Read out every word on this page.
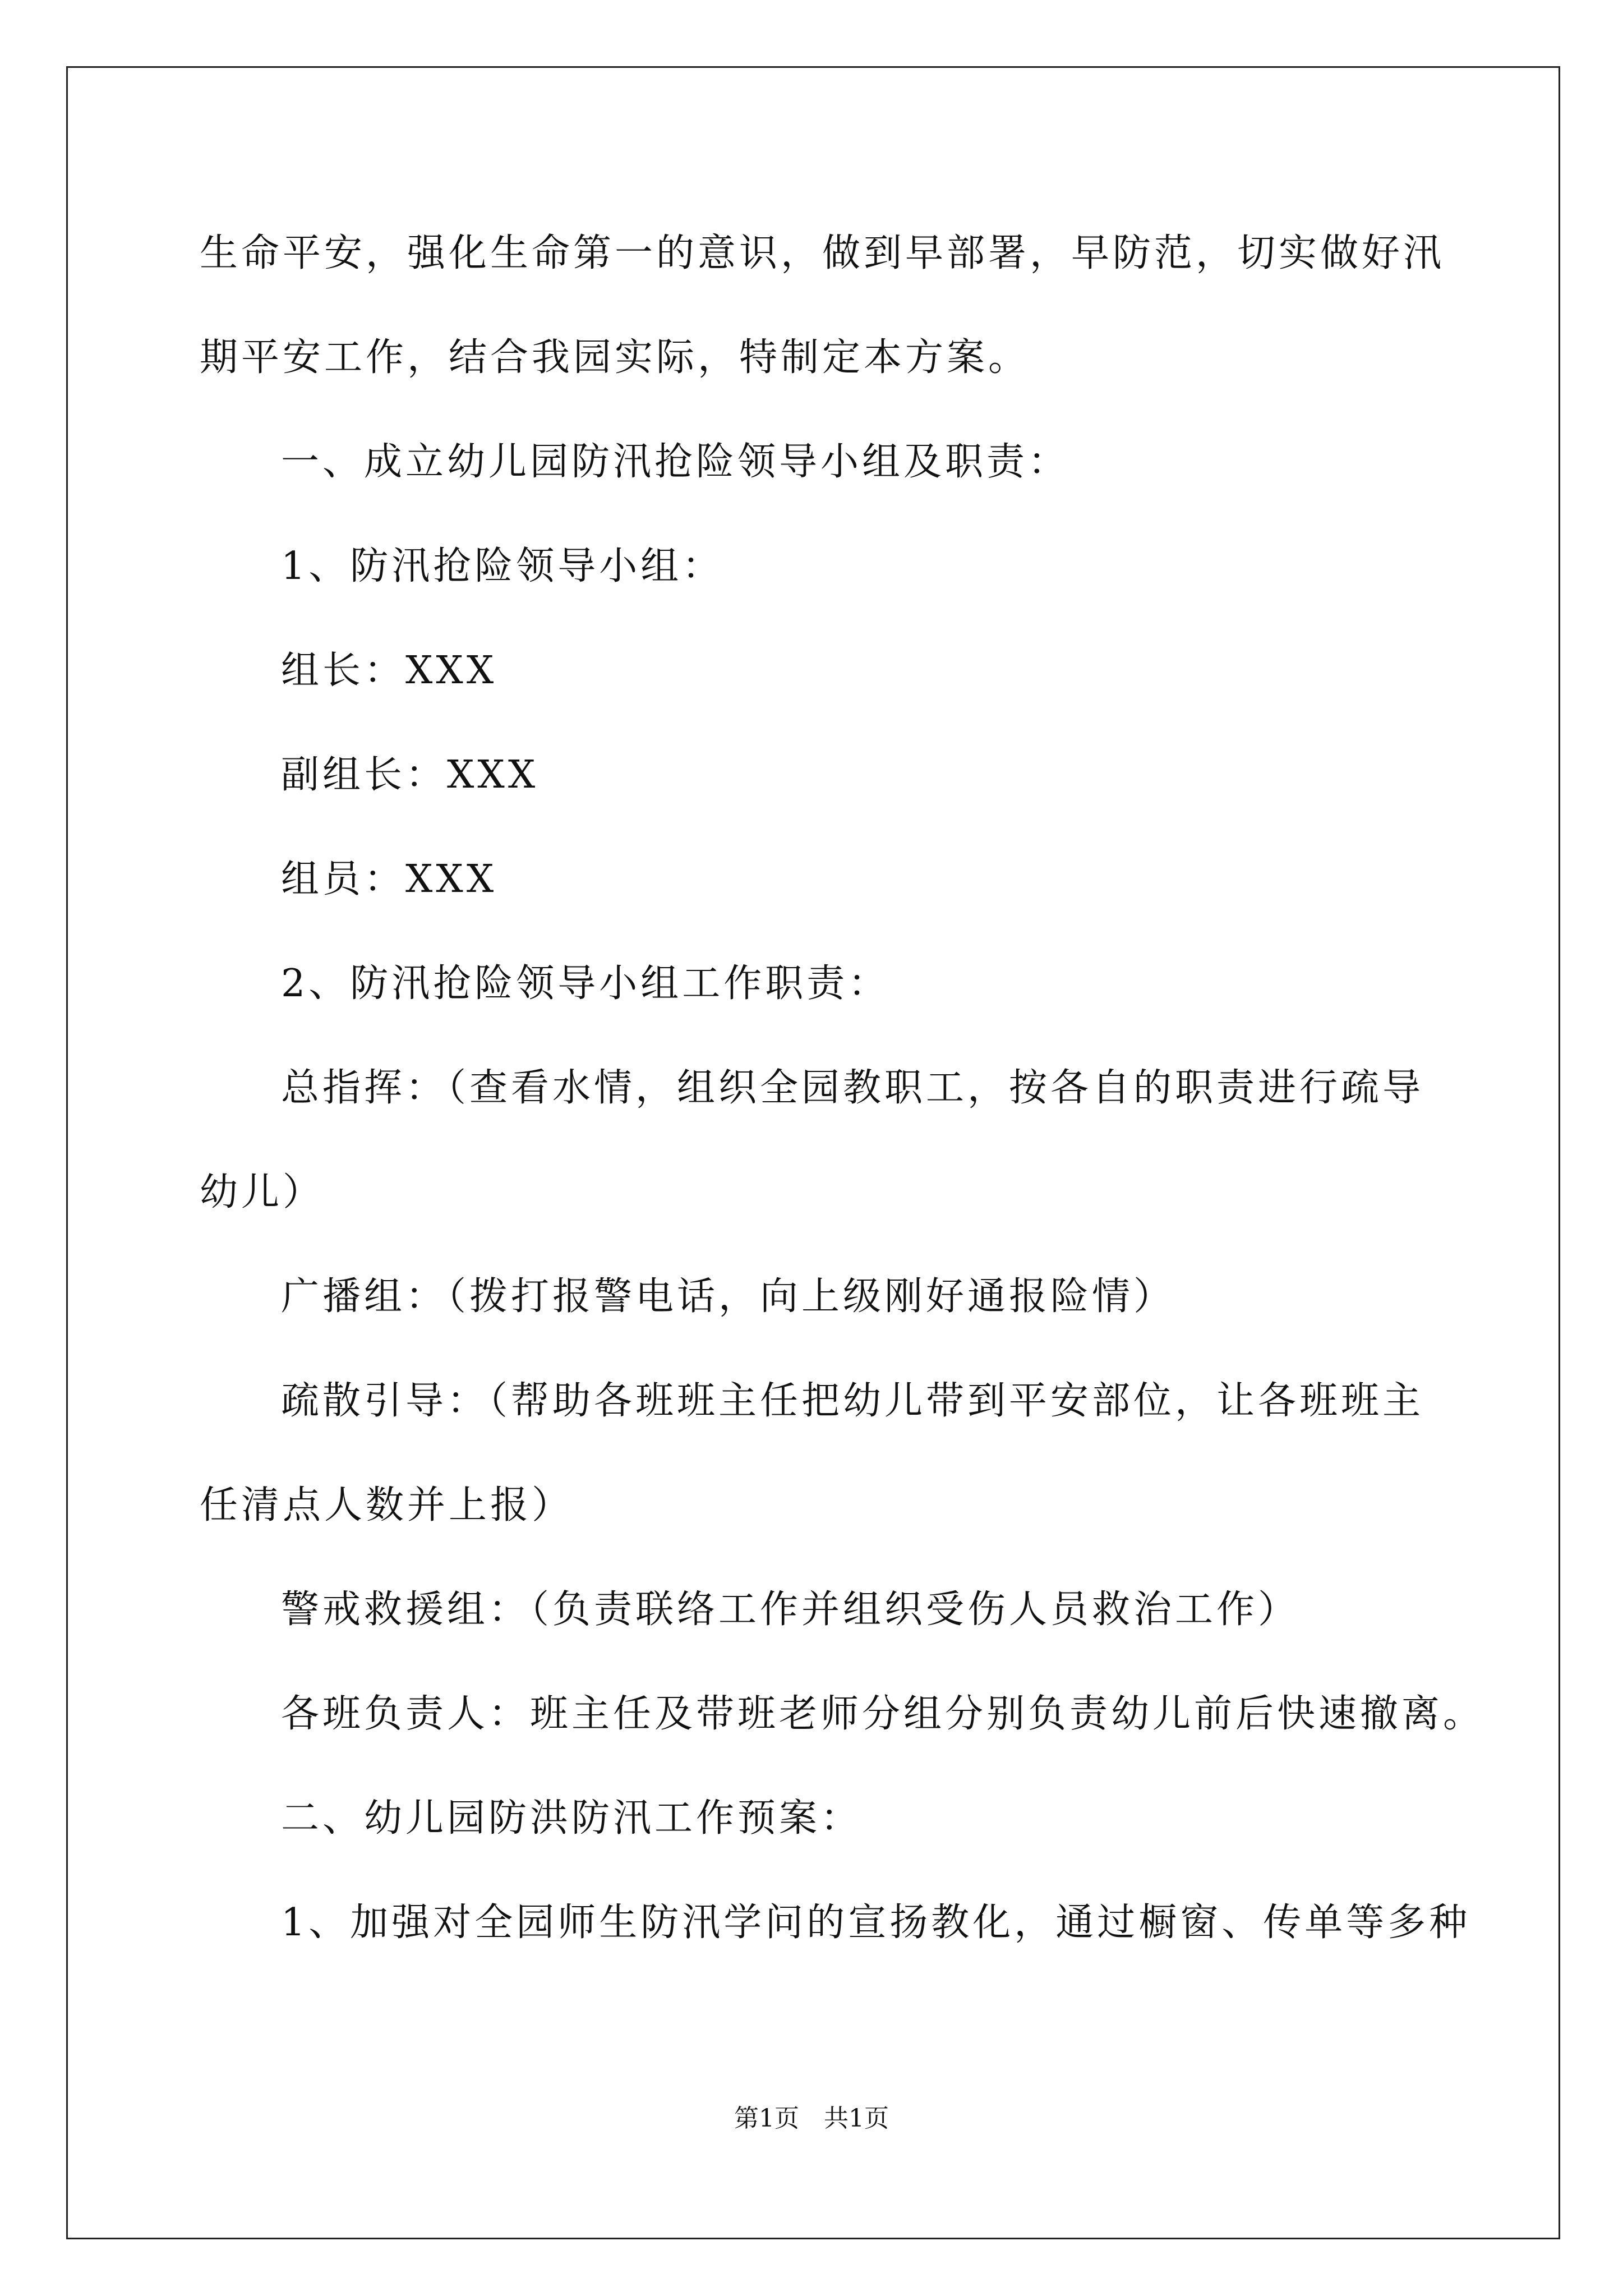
生命平安，强化生命第一的意识，做到早部署，早防范，切实做好汛
期平安工作，结合我园实际，特制定本方案。
一、成立幼儿园防汛抢险领导小组及职责：
1、防汛抢险领导小组：
组长：XXX
副组长：XXX
组员：XXX
2、防汛抢险领导小组工作职责：
总指挥：（查看水情，组织全园教职工，按各自的职责进行疏导
幼儿）
广播组：（拨打报警电话，向上级刚好通报险情）
疏散引导：（帮助各班班主任把幼儿带到平安部位，让各班班主
任清点人数并上报）
警戒救援组：（负责联络工作并组织受伤人员救治工作）
各班负责人：班主任及带班老师分组分别负责幼儿前后快速撤离。
二、幼儿园防洪防汛工作预案：
1、加强对全园师生防汛学问的宣扬教化，通过橱窗、传单等多种
第1页　共1页
